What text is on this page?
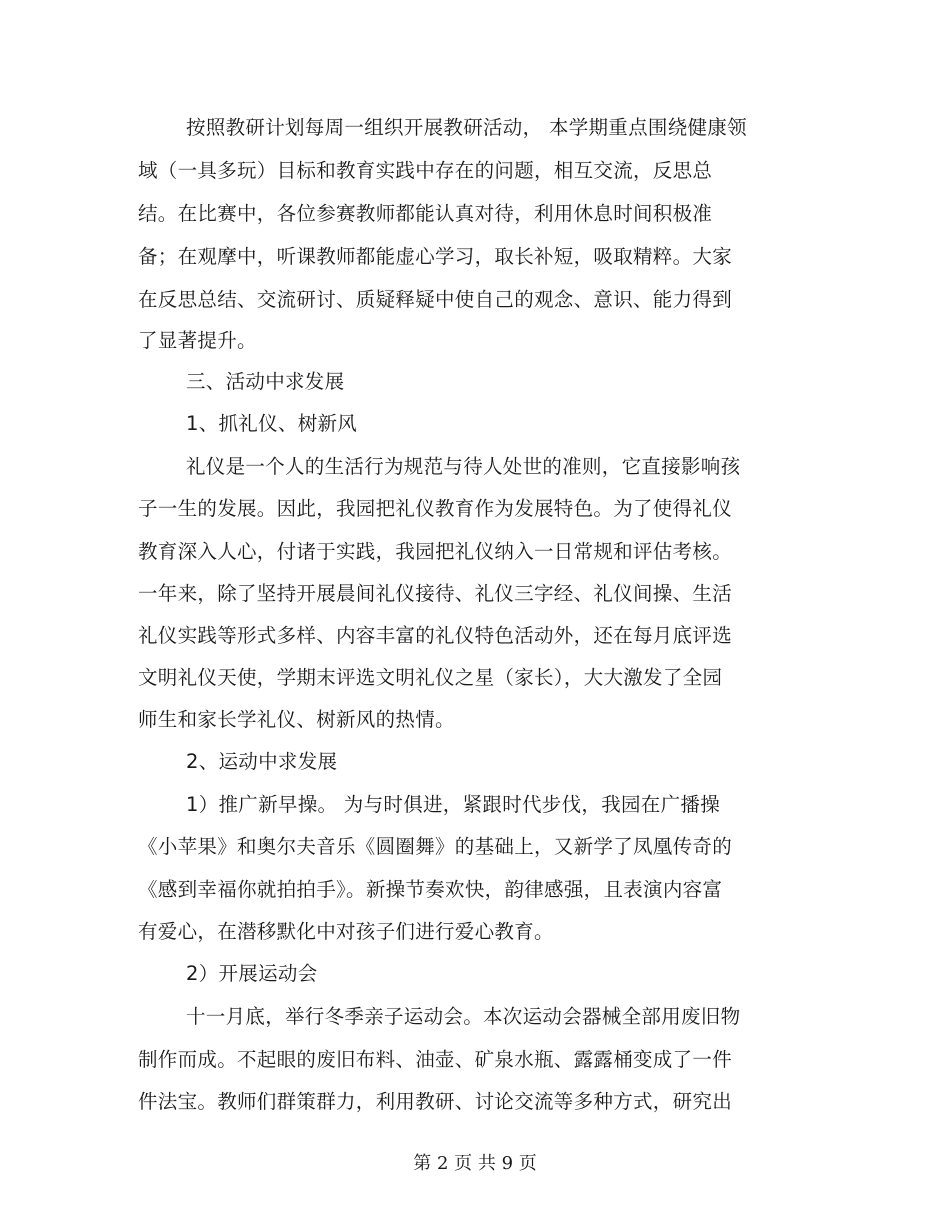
按照教研计划每周一组织开展教研活动， 本学期重点围绕健康领
域（一具多玩）目标和教育实践中存在的问题，相互交流，反思总
结。在比赛中，各位参赛教师都能认真对待，利用休息时间积极准
备；在观摩中，听课教师都能虚心学习，取长补短，吸取精粹。大家
在反思总结、交流研讨、质疑释疑中使自己的观念、意识、能力得到
了显著提升。
三、活动中求发展
1、抓礼仪、树新风
礼仪是一个人的生活行为规范与待人处世的准则，它直接影响孩
子一生的发展。因此，我园把礼仪教育作为发展特色。为了使得礼仪
教育深入人心，付诸于实践，我园把礼仪纳入一日常规和评估考核。
一年来，除了坚持开展晨间礼仪接待、礼仪三字经、礼仪间操、生活
礼仪实践等形式多样、内容丰富的礼仪特色活动外，还在每月底评选
文明礼仪天使，学期末评选文明礼仪之星（家长），大大激发了全园
师生和家长学礼仪、树新风的热情。
2、运动中求发展
1）推广新早操。 为与时俱进，紧跟时代步伐，我园在广播操
《小苹果》和奥尔夫音乐《圆圈舞》的基础上，又新学了凤凰传奇的
《感到幸福你就拍拍手》。新操节奏欢快，韵律感强，且表演内容富
有爱心，在潜移默化中对孩子们进行爱心教育。
2）开展运动会
十一月底，举行冬季亲子运动会。本次运动会器械全部用废旧物
制作而成。不起眼的废旧布料、油壶、矿泉水瓶、露露桶变成了一件
件法宝。教师们群策群力，利用教研、讨论交流等多种方式，研究出
第 2 页 共 9 页
